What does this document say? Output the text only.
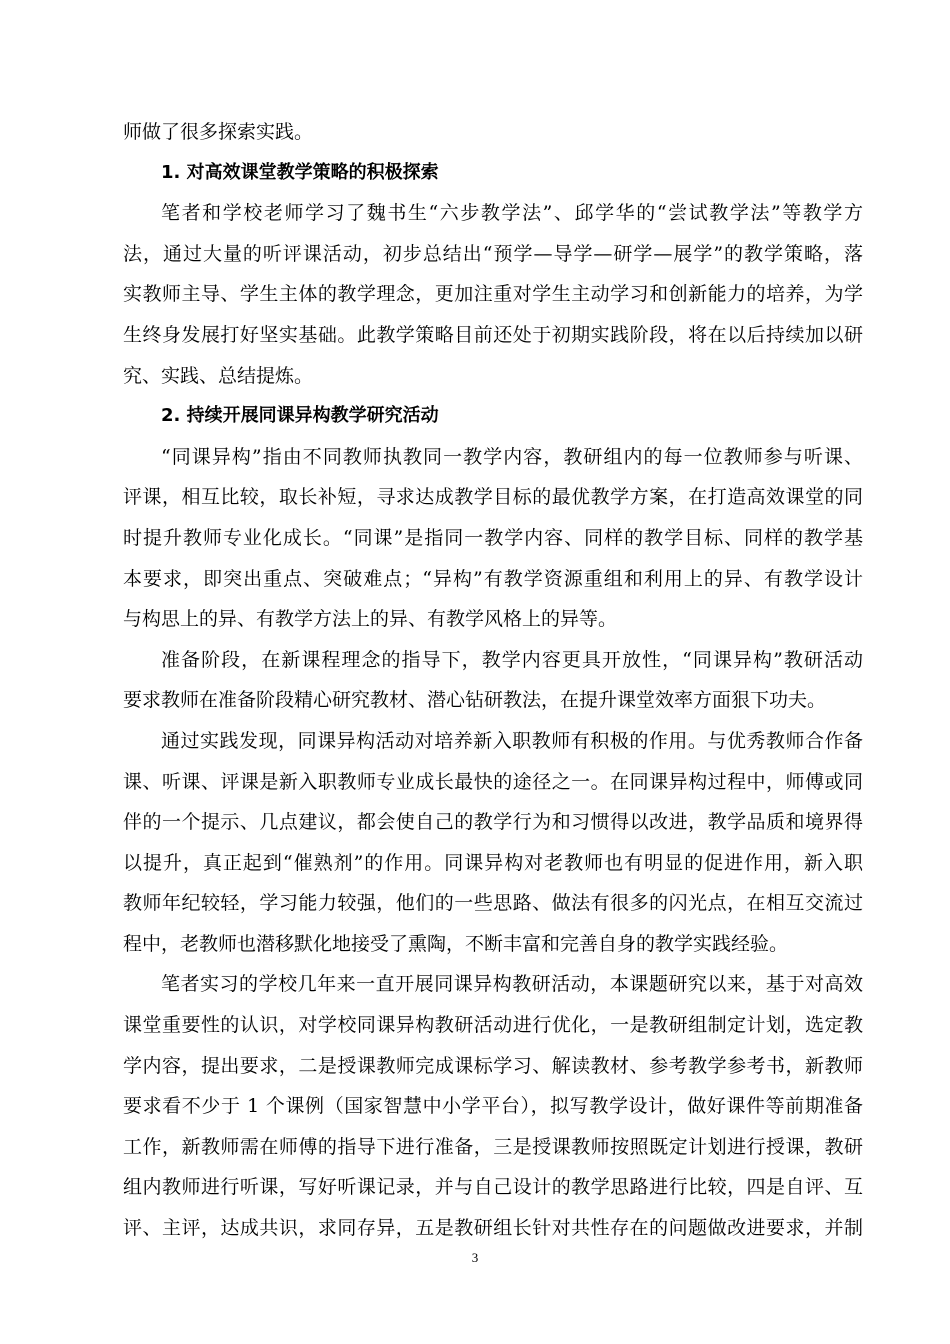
师做了很多探索实践。
1. 对高效课堂教学策略的积极探索
笔者和学校老师学习了魏书生“六步教学法”、邱学华的“尝试教学法”等教学方
法，通过大量的听评课活动，初步总结出“预学—导学—研学—展学”的教学策略，落
实教师主导、学生主体的教学理念，更加注重对学生主动学习和创新能力的培养，为学
生终身发展打好坚实基础。此教学策略目前还处于初期实践阶段，将在以后持续加以研
究、实践、总结提炼。
2. 持续开展同课异构教学研究活动
“同课异构”指由不同教师执教同一教学内容，教研组内的每一位教师参与听课、
评课，相互比较，取长补短，寻求达成教学目标的最优教学方案，在打造高效课堂的同
时提升教师专业化成长。“同课”是指同一教学内容、同样的教学目标、同样的教学基
本要求，即突出重点、突破难点；“异构”有教学资源重组和利用上的异、有教学设计
与构思上的异、有教学方法上的异、有教学风格上的异等。
准备阶段，在新课程理念的指导下，教学内容更具开放性，“同课异构”教研活动
要求教师在准备阶段精心研究教材、潜心钻研教法，在提升课堂效率方面狠下功夫。
通过实践发现，同课异构活动对培养新入职教师有积极的作用。与优秀教师合作备
课、听课、评课是新入职教师专业成长最快的途径之一。在同课异构过程中，师傅或同
伴的一个提示、几点建议，都会使自己的教学行为和习惯得以改进，教学品质和境界得
以提升，真正起到“催熟剂”的作用。同课异构对老教师也有明显的促进作用，新入职
教师年纪较轻，学习能力较强，他们的一些思路、做法有很多的闪光点，在相互交流过
程中，老教师也潜移默化地接受了熏陶，不断丰富和完善自身的教学实践经验。
笔者实习的学校几年来一直开展同课异构教研活动，本课题研究以来，基于对高效
课堂重要性的认识，对学校同课异构教研活动进行优化，一是教研组制定计划，选定教
学内容，提出要求，二是授课教师完成课标学习、解读教材、参考教学参考书，新教师
要求看不少于 1 个课例（国家智慧中小学平台），拟写教学设计，做好课件等前期准备
工作，新教师需在师傅的指导下进行准备，三是授课教师按照既定计划进行授课，教研
组内教师进行听课，写好听课记录，并与自己设计的教学思路进行比较，四是自评、互
评、主评，达成共识，求同存异，五是教研组长针对共性存在的问题做改进要求，并制
3
